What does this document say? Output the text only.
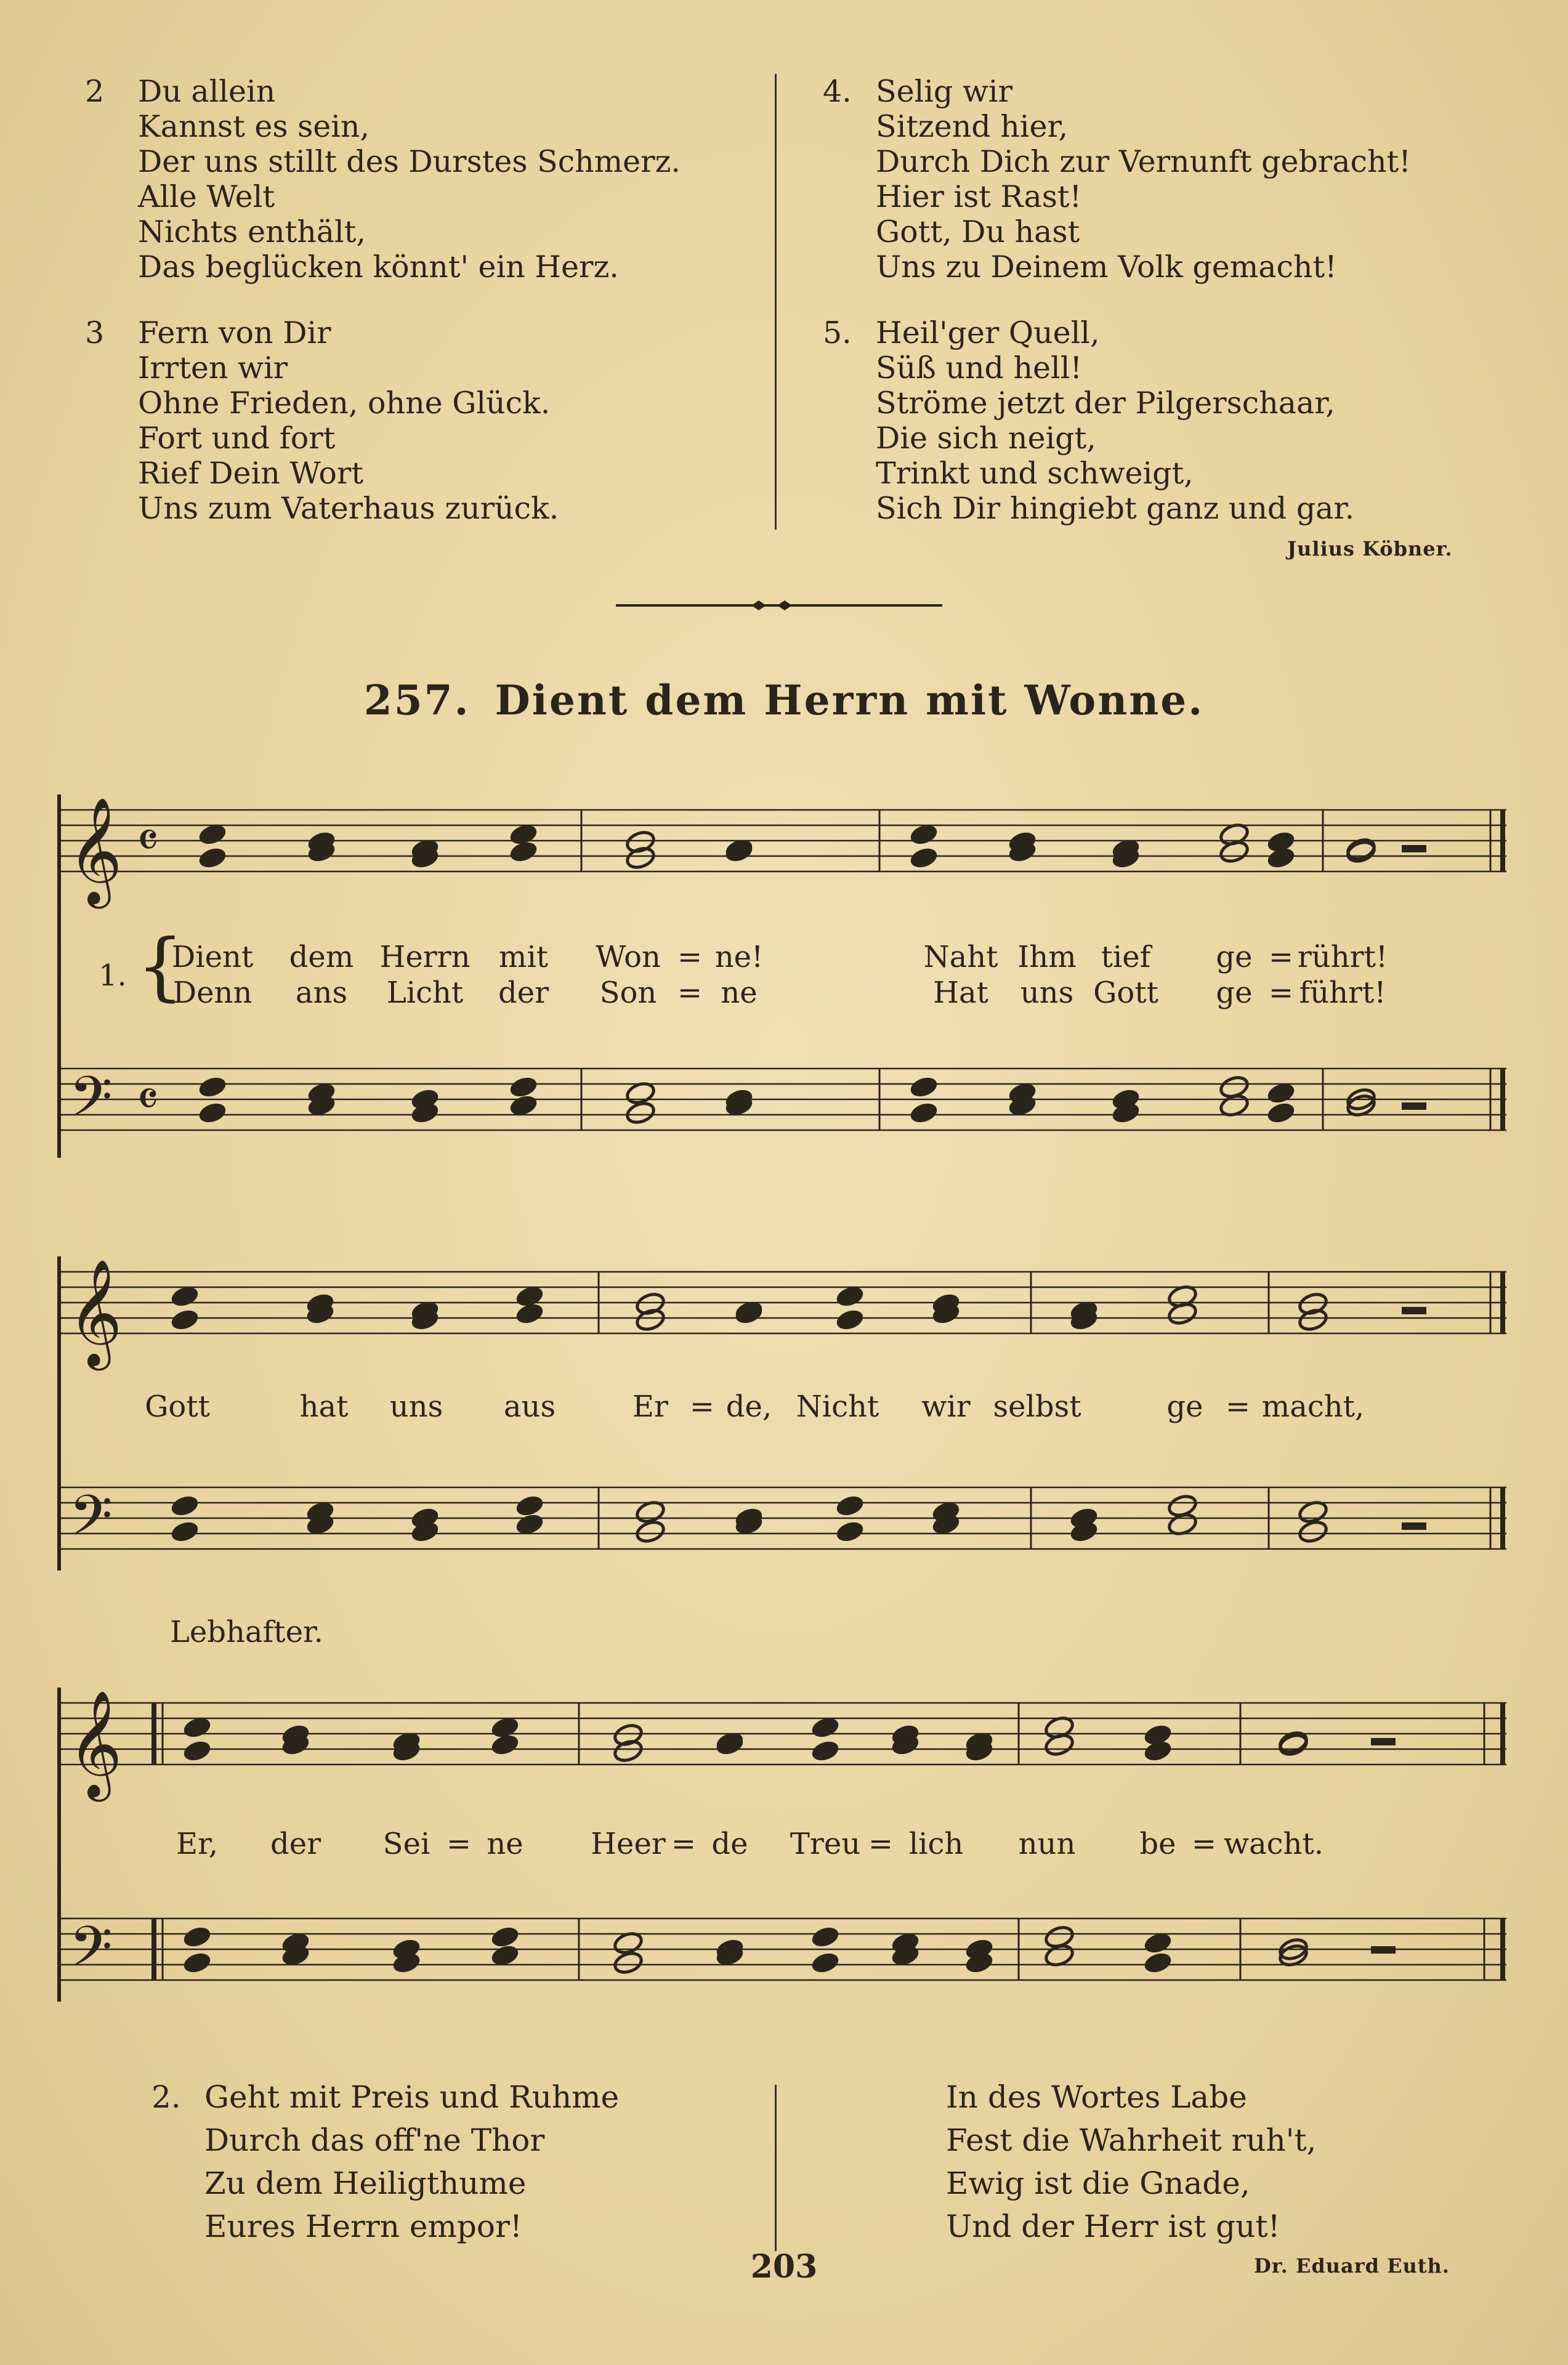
2	Du allein
Kannst es sein,
Der uns stillt des Durstes Schmerz.
Alle Welt
Nichts enthält,
Das beglücken könnt' ein Herz.
3	Fern von Dir
Irrten wir
Ohne Frieden, ohne Glück.
Fort und fort
Rief Dein Wort
Uns zum Vaterhaus zurück.
4. Selig wir
Sitzend hier,
Durch Dich zur Vernunft gebracht!
Hier ist Rast!
Gott, Du hast
Uns zu Deinem Volk gemacht!
5. Heil'ger Quell,
Süß und hell!
Ströme jetzt der Pilgerschaar,
Die sich neigt,
Trinkt und schweigt,
Sich Dir hingiebt ganz und gar.
Julius Köbner.
257. Dient dem Herrn mit Wonne.
𝄞
𝄢
𝄞
𝄢
𝄞
𝄢
𝄴
𝄴
1. {
Dient dem Herrn mit Won = ne!	Naht Ihm tief ge = rührt!
Denn ans Licht der Son = ne	Hat uns Gott ge = führt!
Gott	hat uns aus	Er = de, Nicht wir selbst	ge = macht,
Er, der Sei = ne Heer = de Treu = lich nun be = wacht.
Lebhafter.
2. Geht mit Preis und Ruhme
Durch das off'ne Thor
Zu dem Heiligthume
Eures Herrn empor!
In des Wortes Labe
Fest die Wahrheit ruh't,
Ewig ist die Gnade,
Und der Herr ist gut!
Dr. Eduard Euth.
203
